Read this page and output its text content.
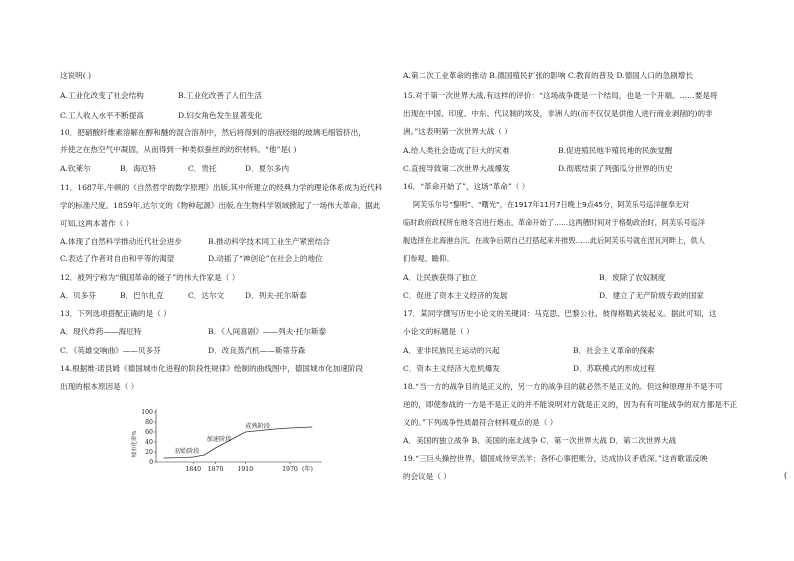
这说明( )
A.工业化改变了社会结构	B.工业化改善了人们生活
C.工人收入水平不断提高	D.妇女角色发生显著变化
10．把硝酸纤维素溶解在醇和醚的混合溶剂中，然后将得到的溶液经细的玻璃毛细管挤出，
并使之在热空气中凝固，从而得到一种类似蚕丝的纺织材料。“他”是( )
A.钦莱尔	B．海厄特	C．贵托	D．夏尔多内
11．1687年,牛顿的《自然哲学的数学原理》出版,其中所建立的经典力学的理论体系成为近代科
学的标准尺度。1859年,达尔文的《物种起源》出版,在生物科学领域掀起了一场伟大革命。据此
可知,这两本著作（ ）
A.体现了自然科学推动近代社会进步	B.推动科学技术同工业生产紧密结合
C.表达了作者对自由和平等的渴望	D.动摇了“神创论”在社会上的地位
12．被列宁称为“俄国革命的镜子”的伟大作家是（ ）
A．贝多芬	B．巴尔扎克	C．达尔文	D．列夫·托尔斯泰
13．下列选项搭配正确的是（ ）
A．现代炸药——海厄特	B．《人间喜剧》——列夫·托尔斯泰
C．《英雄交响曲》——贝多芬	D．改良蒸汽机——斯蒂芬森
14.根据维·诺县姆《德国城市化进程的阶段性规律》绘制的曲线图中，德国城市化加速阶段
出现的根本原因是（ ）
城市化率%
0
20
40
60
80
100
1840 1870 1910	1970 (年)
初始阶段
加速阶段
成熟阶段
A.第二次工业革命的推动 B.德国殖民扩张的影响 C.教育的普及 D.德国人口的急剧增长
15.对于第一次世界大战,有这样的评价：“这场战争既是一个结局，也是一个开端。……要是将
出现在中国、印度、中东、代议制的埃及，非洲人的(而不仅仅是供他人进行商业剥削的)的非
洲。”这表明第一次世界大战（ ）
A.给人类社会造成了巨大的灾难	B.促进殖民地半殖民地的民族觉醒
C.直接导致第二次世界大战爆发	D.彻底结束了列强瓜分世界的历史
16．“革命开始了”，这场“革命”（ ）
阿芙乐尔号“黎明”、“曙光”，在1917年11月7日晚上9点45分，阿芙乐号巡洋舰奉无对
临时政府政权所在地冬宫进行炮击，革命开始了……这两艘时间对于格勒政治时，阿芙乐号巡洋
舰选择在北海港自沉。在战争后期自己打搭起来并推毁……此后阿芙乐号就在涅瓦河畔上，供人
们参观、瞻仰。
A．让民族获得了独立	B．废除了农奴制度
C．促进了资本主义经济的发展	D．建立了无产阶级专政的国家
17．某同学撰写历史小论文的关键词：马克思、巴黎公社、彼得格勒武装起义。据此可知，这
小论文的标题是（ ）
A．亚非民族民主运动的兴起	B．社会主义革命的探索
C．资本主义经济大危机爆发	D．苏联模式的形成过程
18.“当一方的战争目的是正义的，另一方的战争目的就必然不是正义的。但这种原理并不是不可
逆的，即使参战的一方是不是正义的并不能说明对方就是正义的，因为有有可能战争的双方都是不正
义的。”下列战争性质最符合材料观点的是（ ）
A．美国的独立战争 B．美国的南北战争 C．第一次世界大战 D．第二次世界大战
19.“三巨头操控世界，德国成待宰羔羊；各怀心事把账分，达成协议矛盾深。”这首歌谣反映
的会议是（ ）	(
